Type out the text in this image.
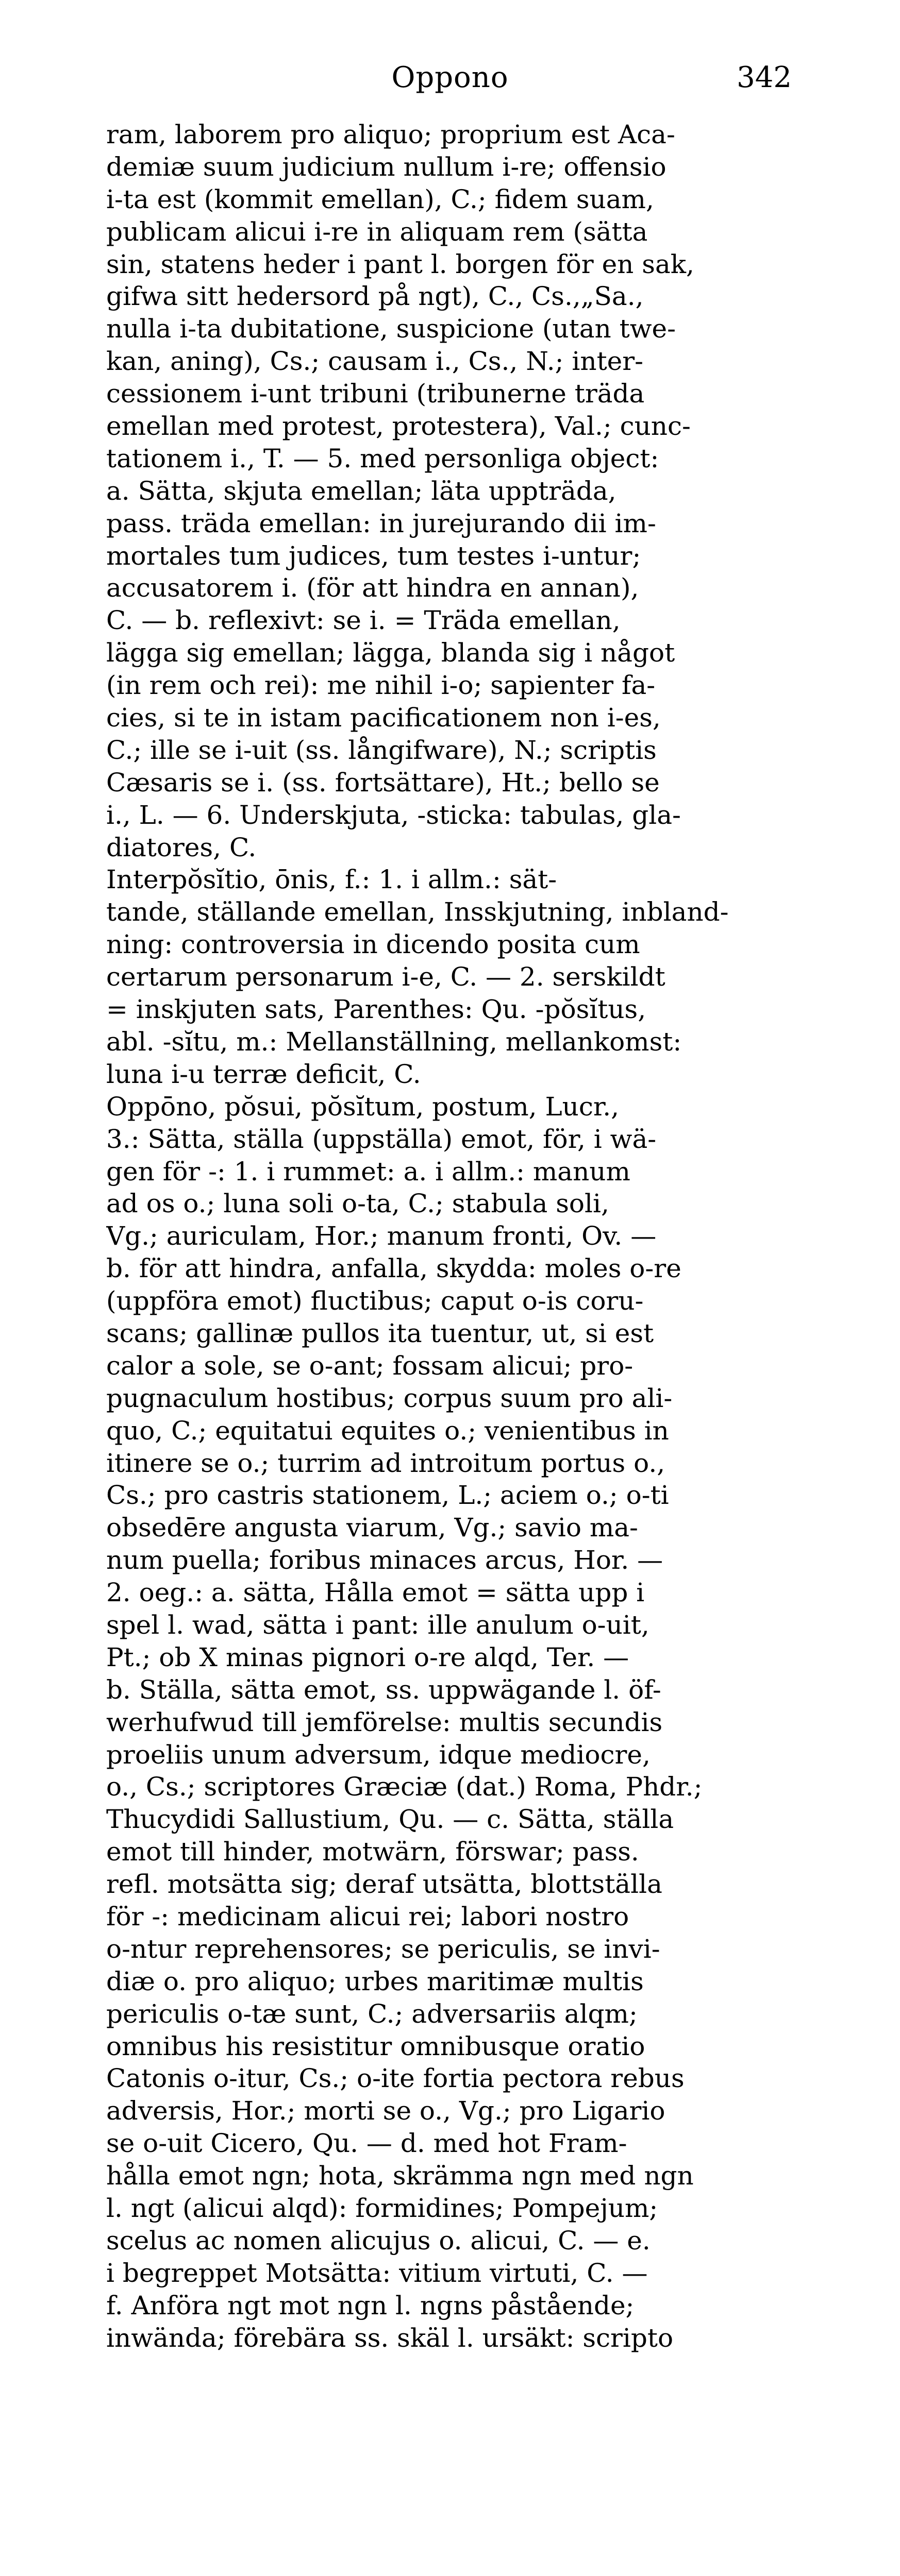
Oppono	342
ram, laborem pro aliquo; proprium est Aca-
demiæ suum judicium nullum i-re; offensio
i-ta est (kommit emellan), C.; fidem suam,
publicam alicui i-re in aliquam rem (sätta
sin, statens heder i pant l. borgen för en sak,
gifwa sitt hedersord på ngt), C., Cs.,„Sa.,
nulla i-ta dubitatione, suspicione (utan twe-
kan, aning), Cs.; causam i., Cs., N.; inter-
cessionem i-unt tribuni (tribunerne träda
emellan med protest, protestera), Val.; cunc-
tationem i., T. — 5. med personliga object:
a. Sätta, skjuta emellan; läta uppträda,
pass. träda emellan: in jurejurando dii im-
mortales tum judices, tum testes i-untur;
accusatorem i. (för att hindra en annan),
C. — b. reflexivt: se i. = Träda emellan,
lägga sig emellan; lägga, blanda sig i något
(in rem och rei): me nihil i-o; sapienter fa-
cies, si te in istam pacificationem non i-es,
C.; ille se i-uit (ss. långifware), N.; scriptis
Cæsaris se i. (ss. fortsättare), Ht.; bello se
i., L. — 6. Underskjuta, -sticka: tabulas, gla-
diatores, C.
Interpŏsĭtio, ōnis, f.: 1. i allm.: sät-
tande, ställande emellan, Insskjutning, inbland-
ning: controversia in dicendo posita cum
certarum personarum i-e, C. — 2. serskildt
= inskjuten sats, Parenthes: Qu. -pŏsĭtus,
abl. -sĭtu, m.: Mellanställning, mellankomst:
luna i-u terræ deficit, C.
Oppōno, pŏsui, pŏsĭtum, postum, Lucr.,
3.: Sätta, ställa (uppställa) emot, för, i wä-
gen för -: 1. i rummet: a. i allm.: manum
ad os o.; luna soli o-ta, C.; stabula soli,
Vg.; auriculam, Hor.; manum fronti, Ov. —
b. för att hindra, anfalla, skydda: moles o-re
(uppföra emot) fluctibus; caput o-is coru-
scans; gallinæ pullos ita tuentur, ut, si est
calor a sole, se o-ant; fossam alicui; pro-
pugnaculum hostibus; corpus suum pro ali-
quo, C.; equitatui equites o.; venientibus in
itinere se o.; turrim ad introitum portus o.,
Cs.; pro castris stationem, L.; aciem o.; o-ti
obsedēre angusta viarum, Vg.; savio ma-
num puella; foribus minaces arcus, Hor. —
2. oeg.: a. sätta, Hålla emot = sätta upp i
spel l. wad, sätta i pant: ille anulum o-uit,
Pt.; ob X minas pignori o-re alqd, Ter. —
b. Ställa, sätta emot, ss. uppwägande l. öf-
werhufwud till jemförelse: multis secundis
proeliis unum adversum, idque mediocre,
o., Cs.; scriptores Græciæ (dat.) Roma, Phdr.;
Thucydidi Sallustium, Qu. — c. Sätta, ställa
emot till hinder, motwärn, förswar; pass.
refl. motsätta sig; deraf utsätta, blottställa
för -: medicinam alicui rei; labori nostro
o-ntur reprehensores; se periculis, se invi-
diæ o. pro aliquo; urbes maritimæ multis
periculis o-tæ sunt, C.; adversariis alqm;
omnibus his resistitur omnibusque oratio
Catonis o-itur, Cs.; o-ite fortia pectora rebus
adversis, Hor.; morti se o., Vg.; pro Ligario
se o-uit Cicero, Qu. — d. med hot Fram-
hålla emot ngn; hota, skrämma ngn med ngn
l. ngt (alicui alqd): formidines; Pompejum;
scelus ac nomen alicujus o. alicui, C. — e.
i begreppet Motsätta: vitium virtuti, C. —
f. Anföra ngt mot ngn l. ngns påstående;
inwända; förebära ss. skäl l. ursäkt: scripto
